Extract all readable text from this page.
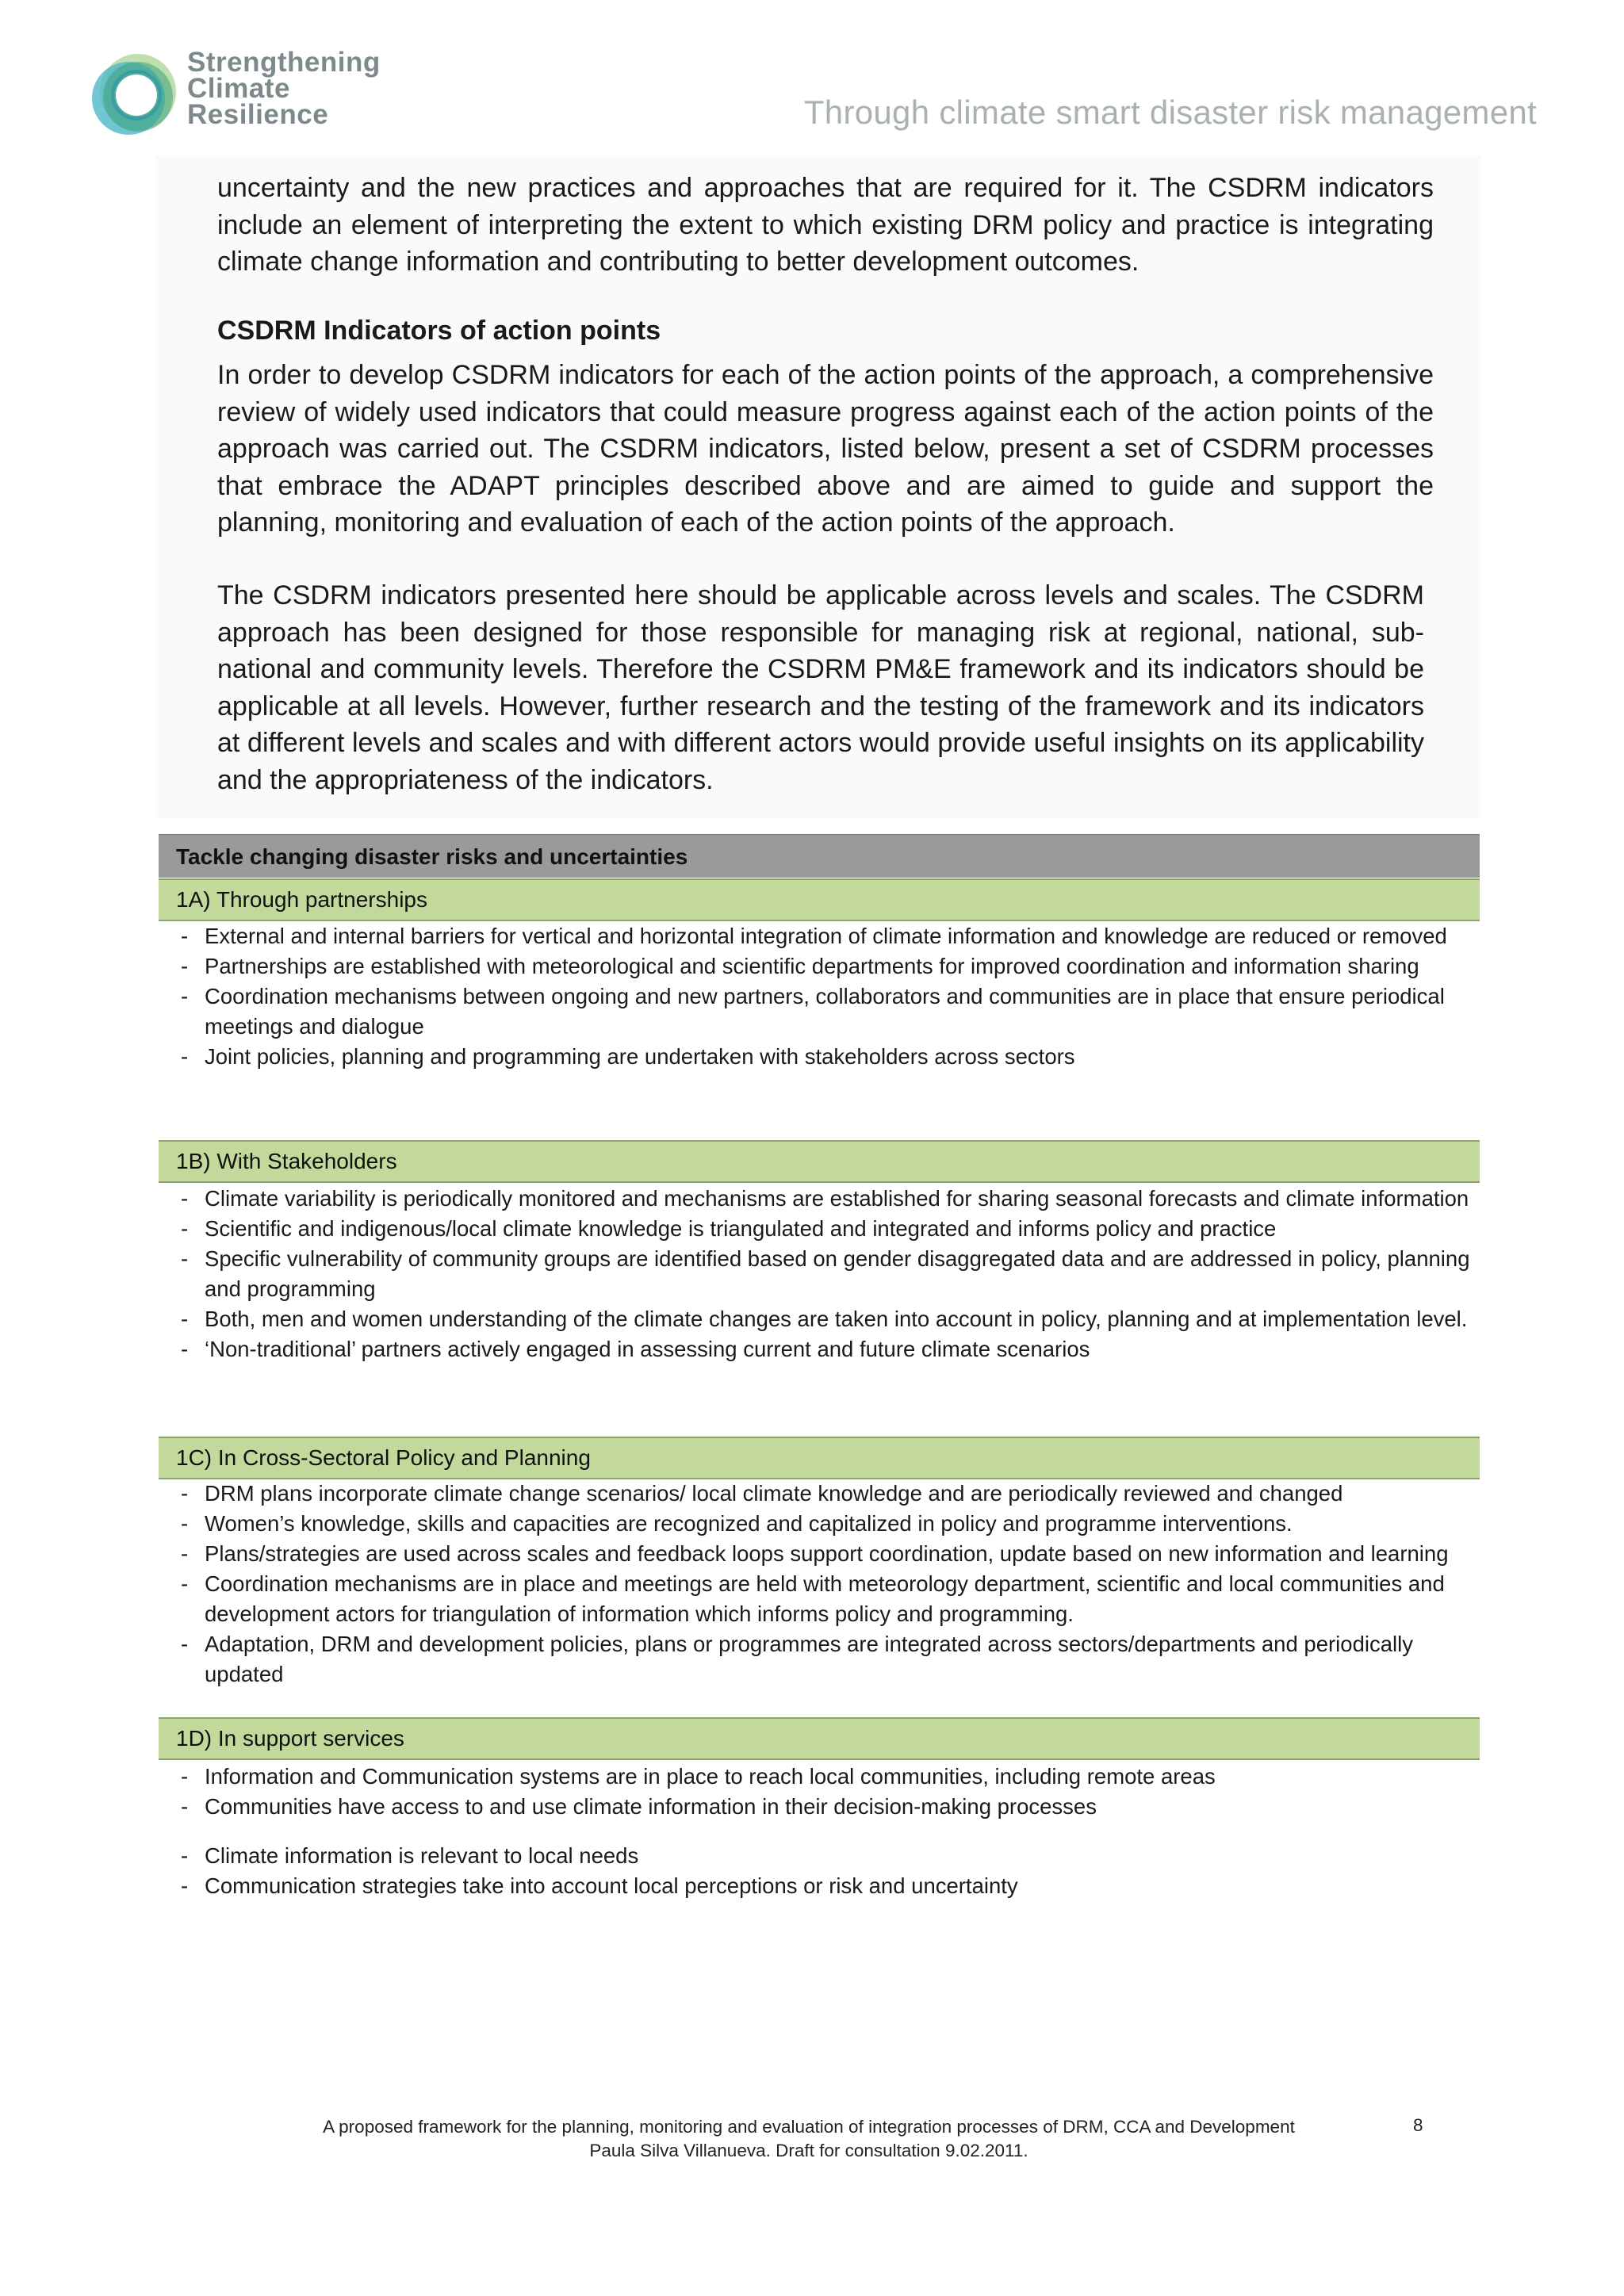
Strengthening
Climate
Resilience	Through climate smart disaster risk management

uncertainty and the new practices and approaches that are required for it. The CSDRM indicators include an element of interpreting the extent to which existing DRM policy and practice is integrating climate change information and contributing to better development outcomes.

CSDRM Indicators of action points

In order to develop CSDRM indicators for each of the action points of the approach, a comprehensive review of widely used indicators that could measure progress against each of the action points of the approach was carried out. The CSDRM indicators, listed below, present a set of CSDRM processes that embrace the ADAPT principles described above and are aimed to guide and support the planning, monitoring and evaluation of each of the action points of the approach.

The CSDRM indicators presented here should be applicable across levels and scales. The CSDRM approach has been designed for those responsible for managing risk at regional, national, sub-national and community levels. Therefore the CSDRM PM&E framework and its indicators should be applicable at all levels. However, further research and the testing of the framework and its indicators at different levels and scales and with different actors would provide useful insights on its applicability and the appropriateness of the indicators.

Tackle changing disaster risks and uncertainties
1A) Through partnerships
- External and internal barriers for vertical and horizontal integration of climate information and knowledge are reduced or removed
- Partnerships are established with meteorological and scientific departments for improved coordination and information sharing
- Coordination mechanisms between ongoing and new partners, collaborators and communities are in place that ensure periodical meetings and dialogue
- Joint policies, planning and programming are undertaken with stakeholders across sectors
1B) With Stakeholders
- Climate variability is periodically monitored and mechanisms are established for sharing seasonal forecasts and climate information
- Scientific and indigenous/local climate knowledge is triangulated and integrated and informs policy and practice
- Specific vulnerability of community groups are identified based on gender disaggregated data and are addressed in policy, planning and programming
- Both, men and women understanding of the climate changes are taken into account in policy, planning and at implementation level.
- ‘Non-traditional’ partners actively engaged in assessing current and future climate scenarios
1C) In Cross-Sectoral Policy and Planning
- DRM plans incorporate climate change scenarios/ local climate knowledge and are periodically reviewed and changed
- Women’s knowledge, skills and capacities are recognized and capitalized in policy and programme interventions.
- Plans/strategies are used across scales and feedback loops support coordination, update based on new information and learning
- Coordination mechanisms are in place and meetings are held with meteorology department, scientific and local communities and development actors for triangulation of information which informs policy and programming.
- Adaptation, DRM and development policies, plans or programmes are integrated across sectors/departments and periodically updated
1D) In support services
- Information and Communication systems are in place to reach local communities, including remote areas
- Communities have access to and use climate information in their decision-making processes
- Climate information is relevant to local needs
- Communication strategies take into account local perceptions or risk and uncertainty
A proposed framework for the planning, monitoring and evaluation of integration processes of DRM, CCA and Development
Paula Silva Villanueva. Draft for consultation 9.02.2011.
8
